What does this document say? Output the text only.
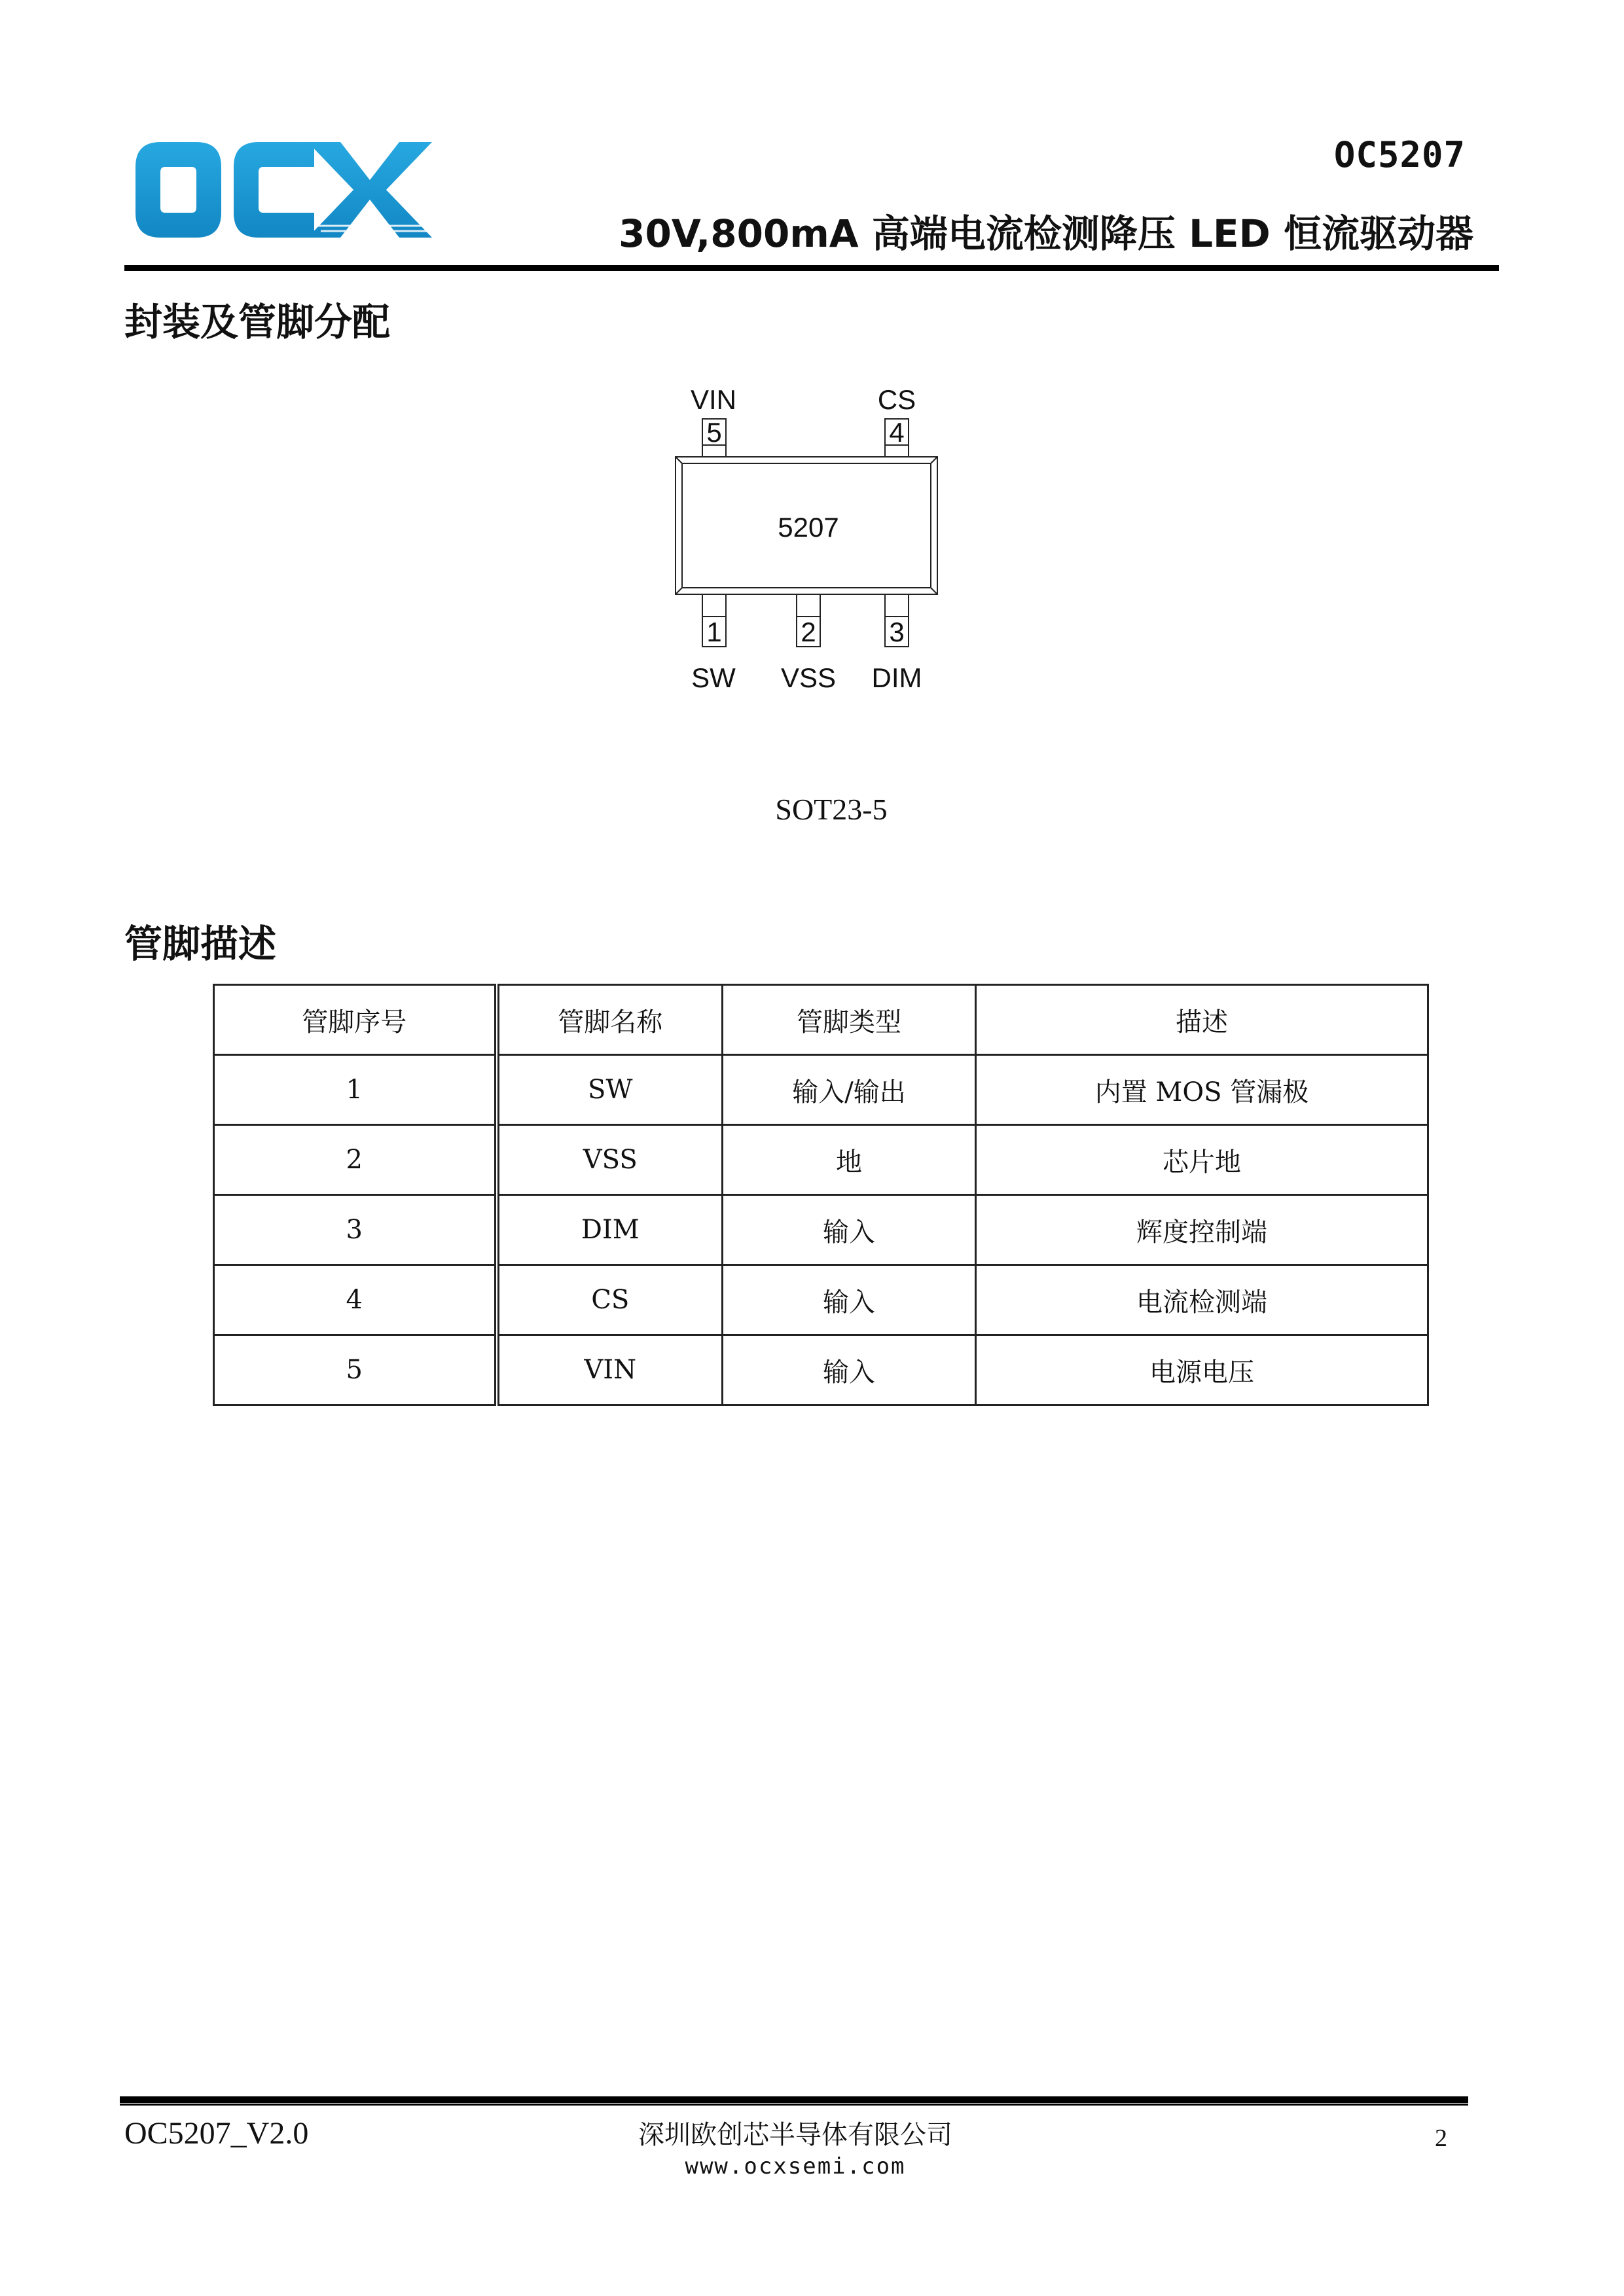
OC5207
30V,800mA 高端电流检测降压 LED 恒流驱动器
封装及管脚分配
VIN
5
CS
4
5207
1
SW
2
VSS
3
DIM
SOT23-5
管脚描述
管脚序号	管脚名称	管脚类型	描述
1	SW	输入/输出	内置 MOS 管漏极
2	VSS	地	芯片地
3	DIM	输入	辉度控制端
4	CS	输入	电流检测端
5	VIN	输入	电源电压
OC5207_V2.0	深圳欧创芯半导体有限公司
www.ocxsemi.com
2
